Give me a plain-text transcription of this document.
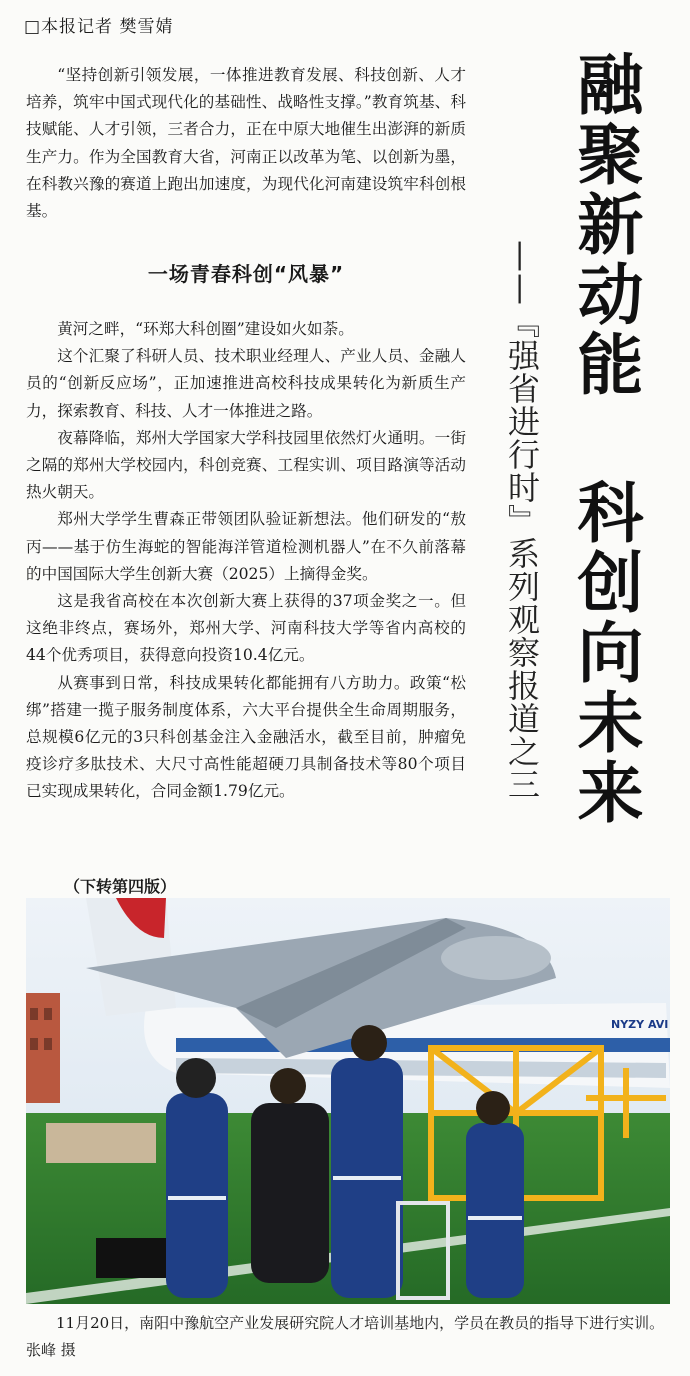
□本报记者 樊雪婧
融聚新动能
科创向未来
——『强省进行时』系列观察报道之三

“坚持创新引领发展，一体推进教育发展、科技创新、人才培养，筑牢中国式现代化的基础性、战略性支撑。”教育筑基、科技赋能、人才引领，三者合力，正在中原大地催生出澎湃的新质生产力。作为全国教育大省，河南正以改革为笔、以创新为墨，在科教兴豫的赛道上跑出加速度，为现代化河南建设筑牢科创根基。

一场青春科创“风暴”

黄河之畔，“环郑大科创圈”建设如火如荼。

这个汇聚了科研人员、技术职业经理人、产业人员、金融人员的“创新反应场”，正加速推进高校科技成果转化为新质生产力，探索教育、科技、人才一体推进之路。

夜幕降临，郑州大学国家大学科技园里依然灯火通明。一街之隔的郑州大学校园内，科创竞赛、工程实训、项目路演等活动热火朝天。

郑州大学学生曹森正带领团队验证新想法。他们研发的“敖丙——基于仿生海蛇的智能海洋管道检测机器人”在不久前落幕的中国国际大学生创新大赛（2025）上摘得金奖。

这是我省高校在本次创新大赛上获得的37项金奖之一。但这绝非终点，赛场外，郑州大学、河南科技大学等省内高校的44个优秀项目，获得意向投资10.4亿元。

从赛事到日常，科技成果转化都能拥有八方助力。政策“松绑”搭建一揽子服务制度体系，六大平台提供全生命周期服务，总规模6亿元的3只科创基金注入金融活水，截至目前，肿瘤免疫诊疗多肽技术、大尺寸高性能超硬刀具制备技术等80个项目已实现成果转化，合同金额1.79亿元。

（下转第四版）
NYZY AVI
11月20日，南阳中豫航空产业发展研究院人才培训基地内，学员在教员的指导下进行实训。 张峰 摄
